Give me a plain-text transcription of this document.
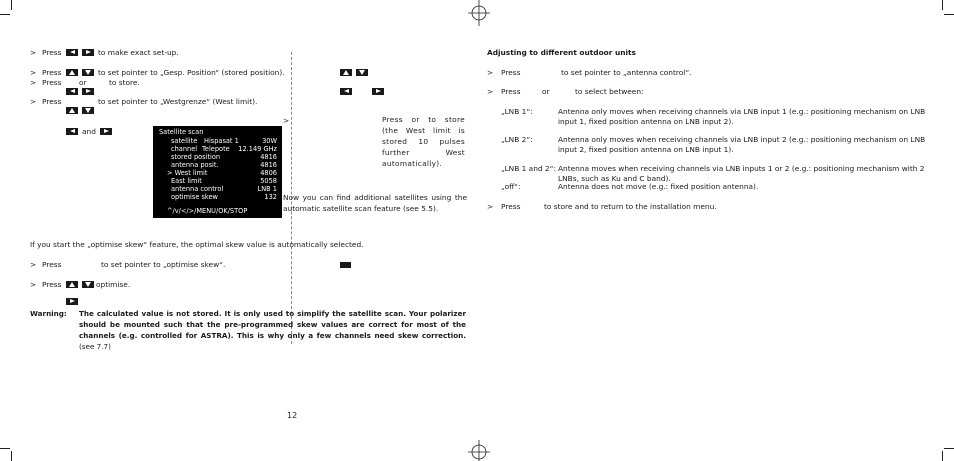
> Press	to make exact set-up.
> Press	to set pointer to „Gesp. Position“ (stored position).
> Press or	to store.
> Press	to set pointer to „Westgrenze“ (West limit).
and	Satellite scan
satellite Hispasat 1	30W
channel Telepote 12.149 GHz
stored position	4816
antenna posit.	4816
> West limit	4806
East limit	5058
antenna control	LNB 1
optimise skew	132
^/v/</>/MENU/OK/STOP
>	Press or to store (the West limit is stored 10 pulses further West automatically).
Now you can find additional satellites using the automatic satellite scan feature (see 5.5).
If you start the „optimise skew“ feature, the optimal skew value is automatically selected.
> Press	to set pointer to „optimise skew“.
> Press	optimise.
Warning: The calculated value is not stored. It is only used to simplify the satellite scan. Your polarizer should be mounted such that the pre-programmed skew values are correct for most of the channels (e.g. controlled for ASTRA). This is why only a few channels need skew correction. (see 7.7)
12
Adjusting to different outdoor units
> Press	to set pointer to „antenna control“.
> Press	or	to select between:
„LNB 1“:	Antenna only moves when receiving channels via LNB input 1 (e.g.: positioning mechanism on LNB input 1, fixed position antenna on LNB input 2).
„LNB 2“:	Antenna only moves when receiving channels via LNB input 2 (e.g.: positioning mechanism on LNB input 2, fixed position antenna on LNB input 1).
„LNB 1 and 2“: Antenna moves when receiving channels via LNB inputs 1 or 2 (e.g.: positioning mechanism with 2 LNBs, such as Ku and C band).
„off“:	Antenna does not move (e.g.: fixed position antenna).
> Press	to store and to return to the installation menu.
